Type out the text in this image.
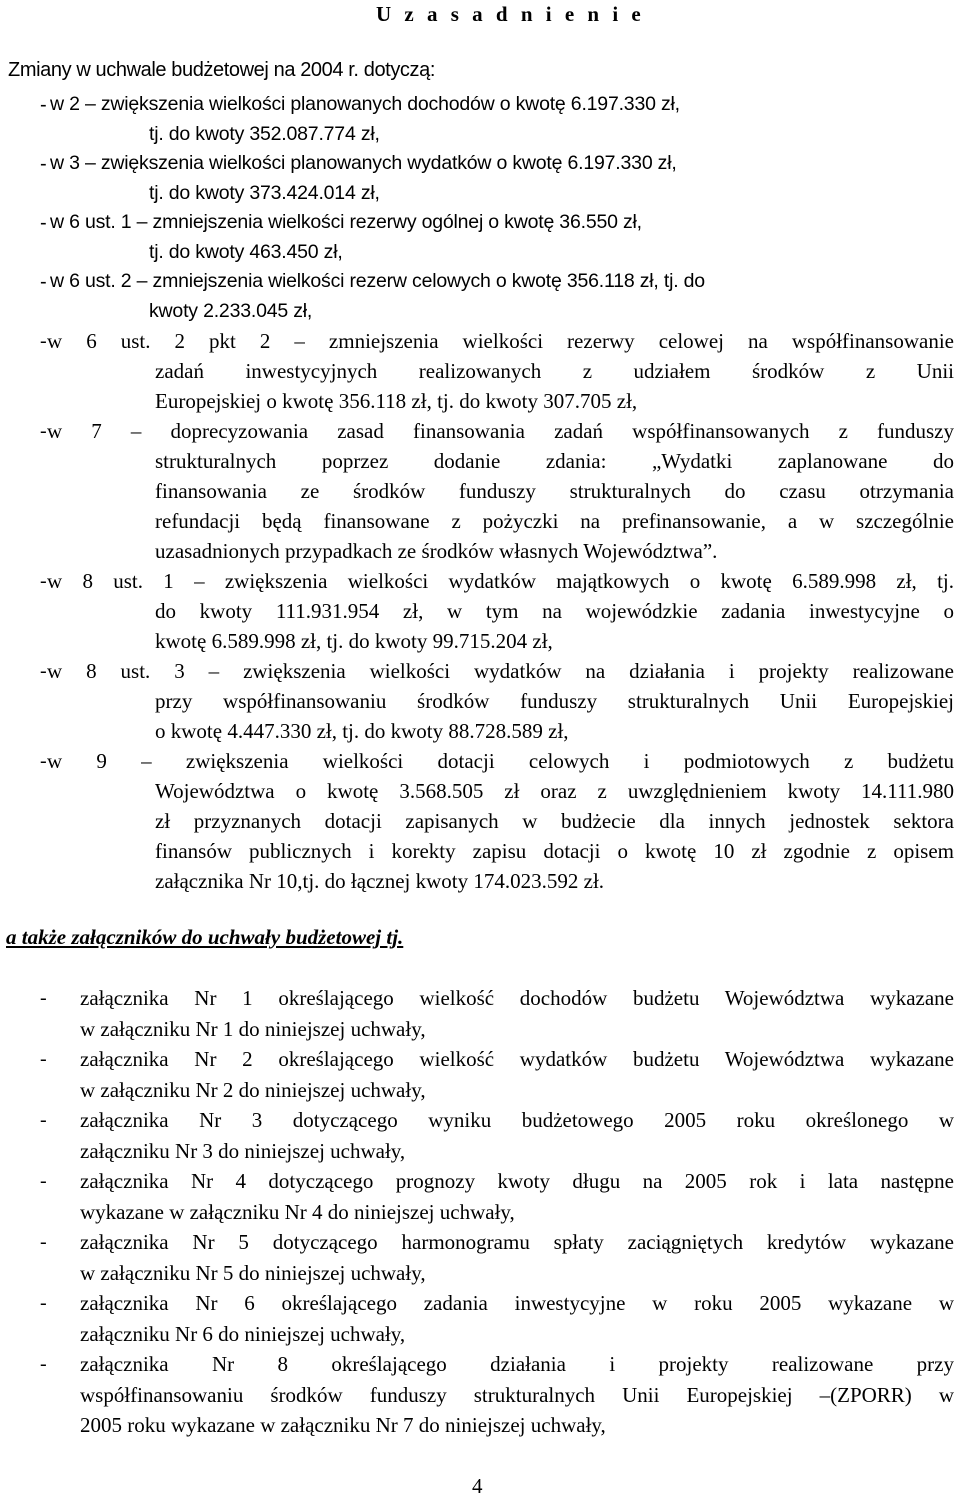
U z a s a d n i e n i e
Zmiany w uchwale budżetowej na 2004 r. dotyczą:
- w 2 – zwiększenia wielkości planowanych dochodów o kwotę 6.197.330 zł,
tj. do kwoty 352.087.774 zł,
- w 3 – zwiększenia wielkości planowanych wydatków o kwotę 6.197.330 zł,
tj. do kwoty 373.424.014 zł,
- w 6 ust. 1 – zmniejszenia wielkości rezerwy ogólnej o kwotę 36.550 zł,
tj. do kwoty 463.450 zł,
- w 6 ust. 2 – zmniejszenia wielkości rezerw celowych o kwotę 356.118 zł, tj. do
kwoty 2.233.045 zł,
- w 6 ust. 2 pkt 2 – zmniejszenia wielkości rezerwy celowej na współfinansowanie
zadań inwestycyjnych realizowanych z udziałem środków z Unii
Europejskiej o kwotę 356.118 zł, tj. do kwoty 307.705 zł,
- w 7 – doprecyzowania zasad finansowania zadań współfinansowanych z funduszy
strukturalnych poprzez dodanie zdania: „Wydatki zaplanowane do
finansowania ze środków funduszy strukturalnych do czasu otrzymania
refundacji będą finansowane z pożyczki na prefinansowanie, a w szczególnie
uzasadnionych przypadkach ze środków własnych Województwa”.
- w 8 ust. 1 – zwiększenia wielkości wydatków majątkowych o kwotę 6.589.998 zł, tj.
do kwoty 111.931.954 zł, w tym na wojewódzkie zadania inwestycyjne o
kwotę 6.589.998 zł, tj. do kwoty 99.715.204 zł,
- w 8 ust. 3 – zwiększenia wielkości wydatków na działania i projekty realizowane
przy współfinansowaniu środków funduszy strukturalnych Unii Europejskiej
o kwotę 4.447.330 zł, tj. do kwoty 88.728.589 zł,
- w 9 – zwiększenia wielkości dotacji celowych i podmiotowych z budżetu
Województwa o kwotę 3.568.505 zł oraz z uwzględnieniem kwoty 14.111.980
zł przyznanych dotacji zapisanych w budżecie dla innych jednostek sektora
finansów publicznych i korekty zapisu dotacji o kwotę 10 zł zgodnie z opisem
załącznika Nr 10,tj. do łącznej kwoty 174.023.592 zł.
a także załączników do uchwały budżetowej tj.
- załącznika Nr 1 określającego wielkość dochodów budżetu Województwa wykazane
w załączniku Nr 1 do niniejszej uchwały,
- załącznika Nr 2 określającego wielkość wydatków budżetu Województwa wykazane
w załączniku Nr 2 do niniejszej uchwały,
- załącznika Nr 3 dotyczącego wyniku budżetowego 2005 roku określonego w
załączniku Nr 3 do niniejszej uchwały,
- załącznika Nr 4 dotyczącego prognozy kwoty długu na 2005 rok i lata następne
wykazane w załączniku Nr 4 do niniejszej uchwały,
- załącznika Nr 5 dotyczącego harmonogramu spłaty zaciągniętych kredytów wykazane
w załączniku Nr 5 do niniejszej uchwały,
- załącznika Nr 6 określającego zadania inwestycyjne w roku 2005 wykazane w
załączniku Nr 6 do niniejszej uchwały,
- załącznika Nr 8 określającego działania i projekty realizowane przy
współfinansowaniu środków funduszy strukturalnych Unii Europejskiej –(ZPORR) w
2005 roku wykazane w załączniku Nr 7 do niniejszej uchwały,
4
